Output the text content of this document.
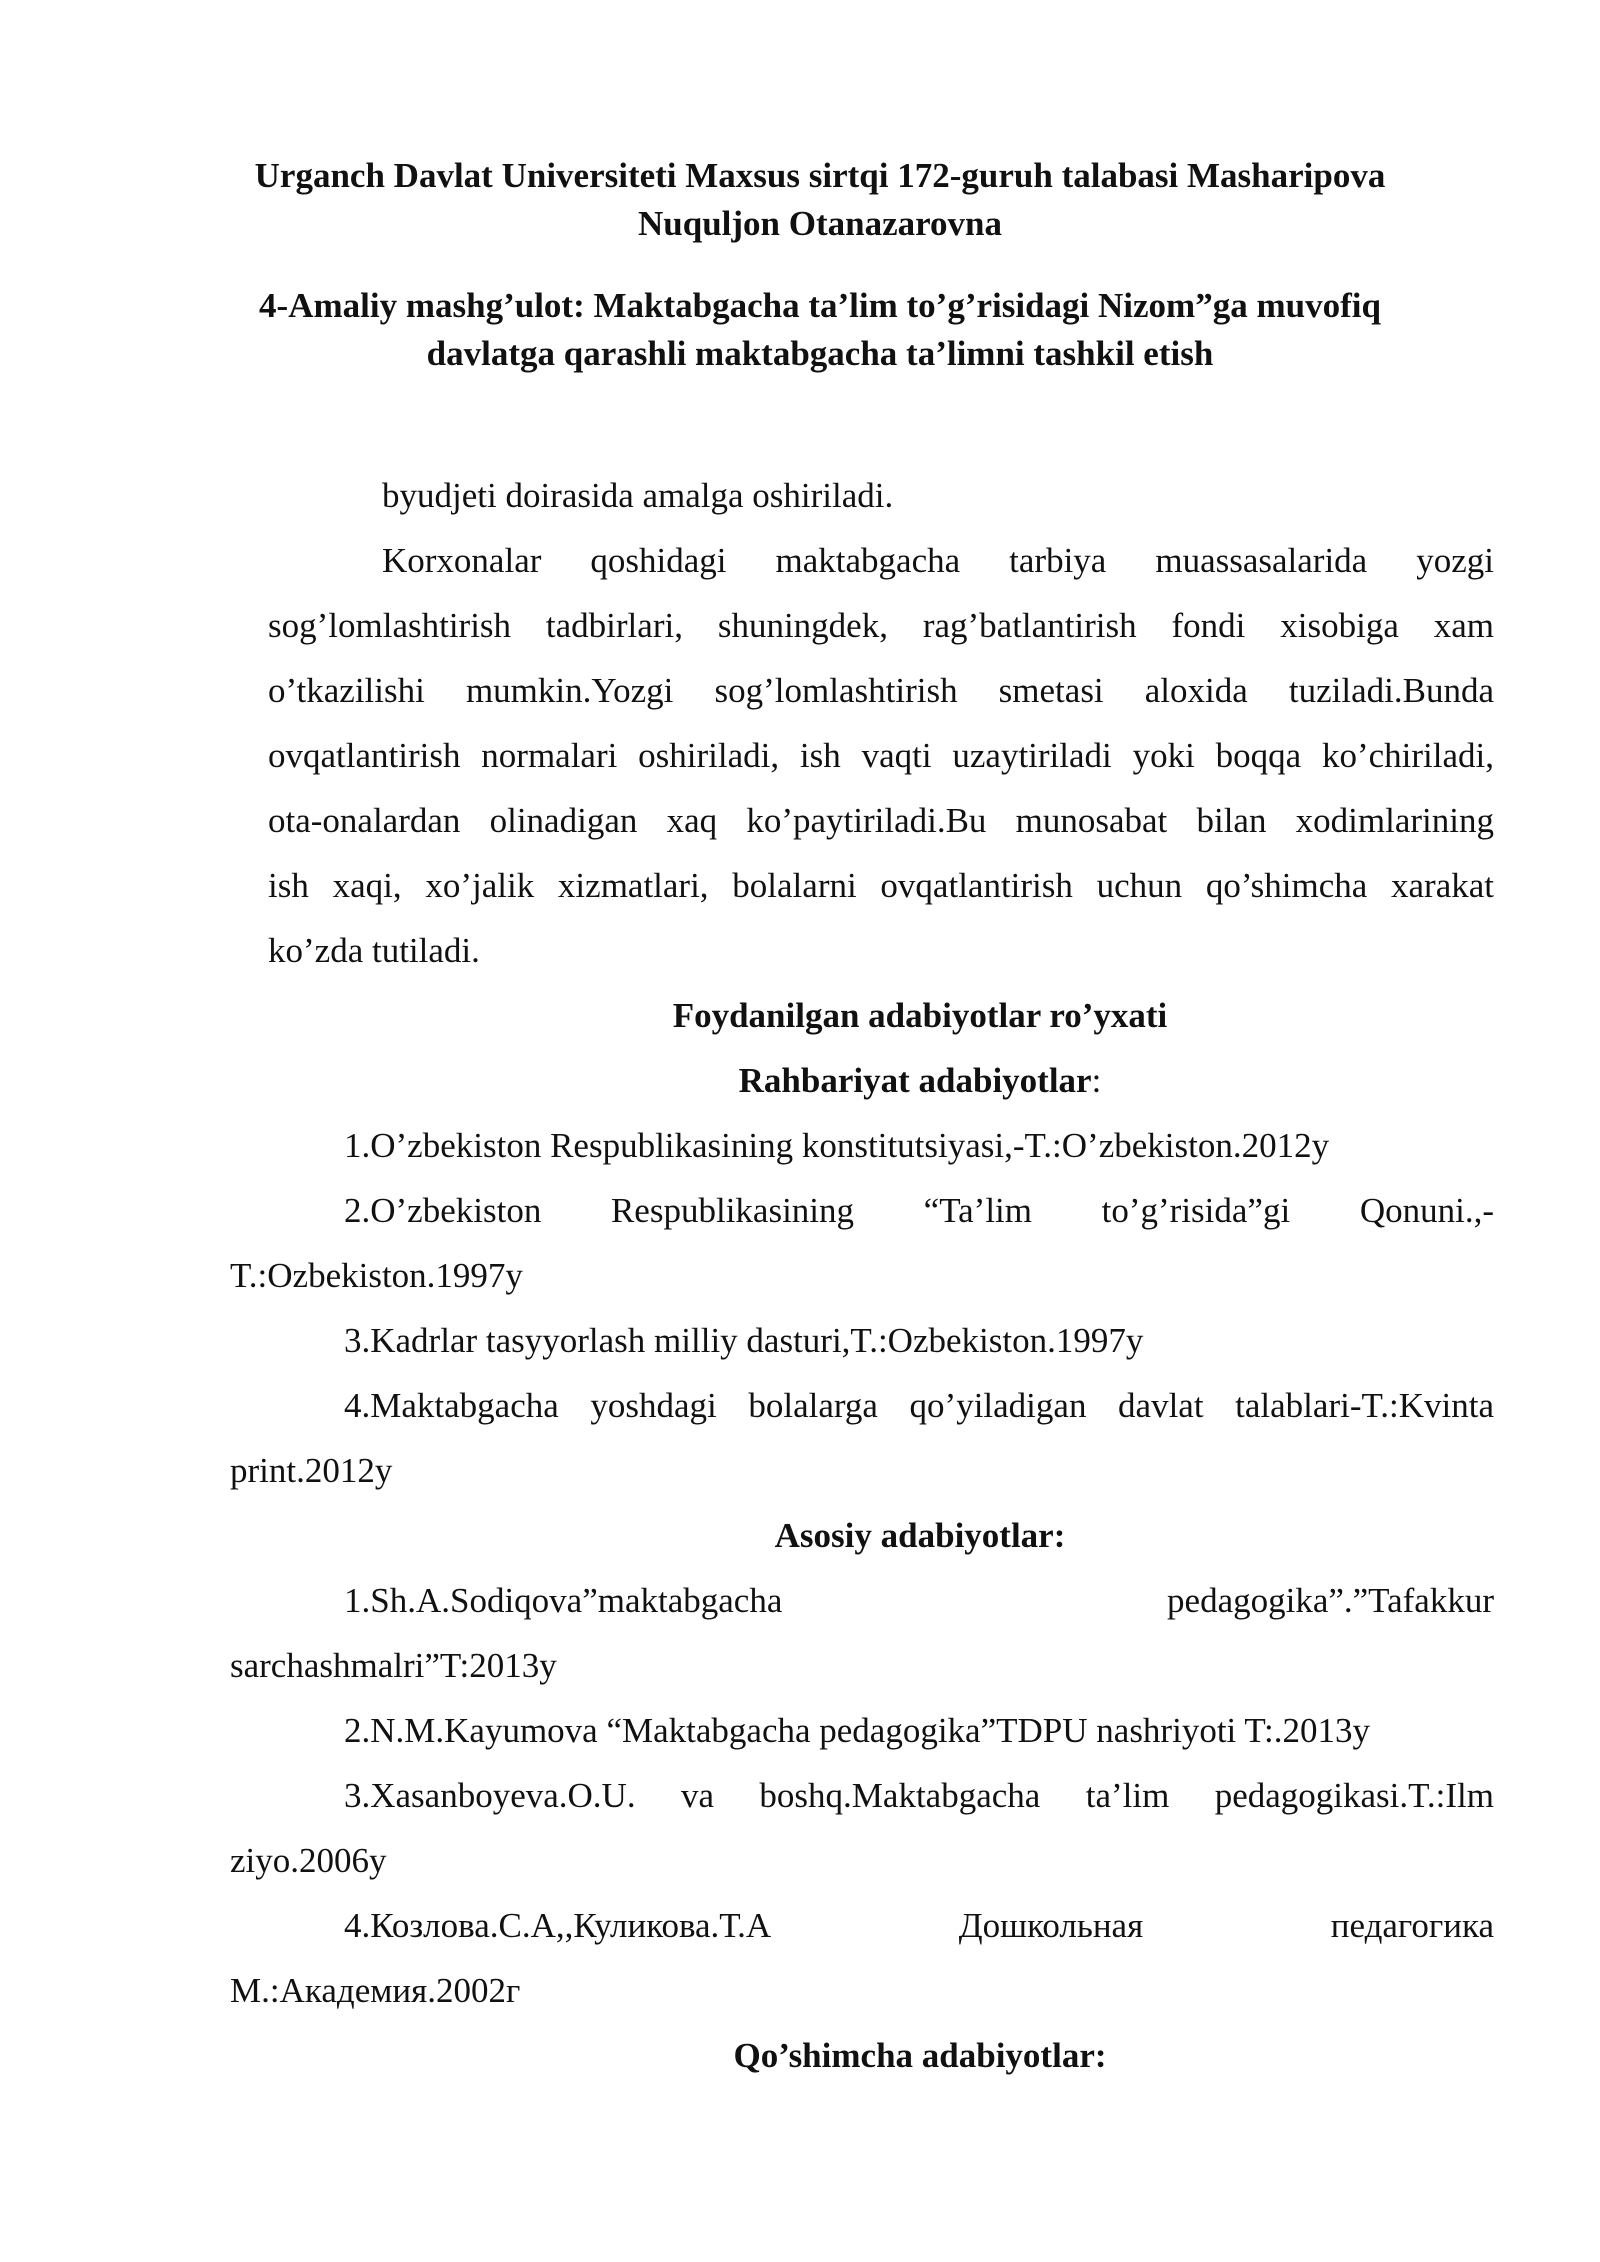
Urganch Davlat Universiteti Maxsus sirtqi 172-guruh talabasi Masharipova
Nuquljon Otanazarovna
4-Amaliy mashg’ulot: Maktabgacha ta’lim to’g’risidagi Nizom”ga muvofiq
davlatga qarashli maktabgacha ta’limni tashkil etish
byudjeti doirasida amalga oshiriladi.
Korxonalar qoshidagi maktabgacha tarbiya muassasalarida yozgi
sog’lomlashtirish tadbirlari, shuningdek, rag’batlantirish fondi xisobiga xam
o’tkazilishi mumkin.Yozgi sog’lomlashtirish smetasi aloxida tuziladi.Bunda
ovqatlantirish normalari oshiriladi, ish vaqti uzaytiriladi yoki boqqa ko’chiriladi,
ota-onalardan olinadigan xaq ko’paytiriladi.Bu munosabat bilan xodimlarining
ish xaqi, xo’jalik xizmatlari, bolalarni ovqatlantirish uchun qo’shimcha xarakat
ko’zda tutiladi.
Foydanilgan adabiyotlar ro’yxati
Rahbariyat adabiyotlar:
1.O’zbekiston Respublikasining konstitutsiyasi,-T.:O’zbekiston.2012y
2.O’zbekiston Respublikasining “Ta’lim to’g’risida”gi Qonuni.,-
T.:Ozbekiston.1997y
3.Kadrlar tasyyorlash milliy dasturi,T.:Ozbekiston.1997y
4.Maktabgacha yoshdagi bolalarga qo’yiladigan davlat talablari-T.:Kvinta
print.2012y
Asosiy adabiyotlar:
1.Sh.A.Sodiqova”maktabgacha pedagogika”.”Tafakkur
sarchashmalri”T:2013y
2.N.M.Kayumova “Maktabgacha pedagogika”TDPU nashriyoti T:.2013y
3.Xasanboyeva.O.U. va boshq.Maktabgacha ta’lim pedagogikasi.T.:Ilm
ziyo.2006y
4.Козлова.С.А,,Куликова.Т.А Дошкольная педагогика
М.:Академия.2002г
Qo’shimcha adabiyotlar:
